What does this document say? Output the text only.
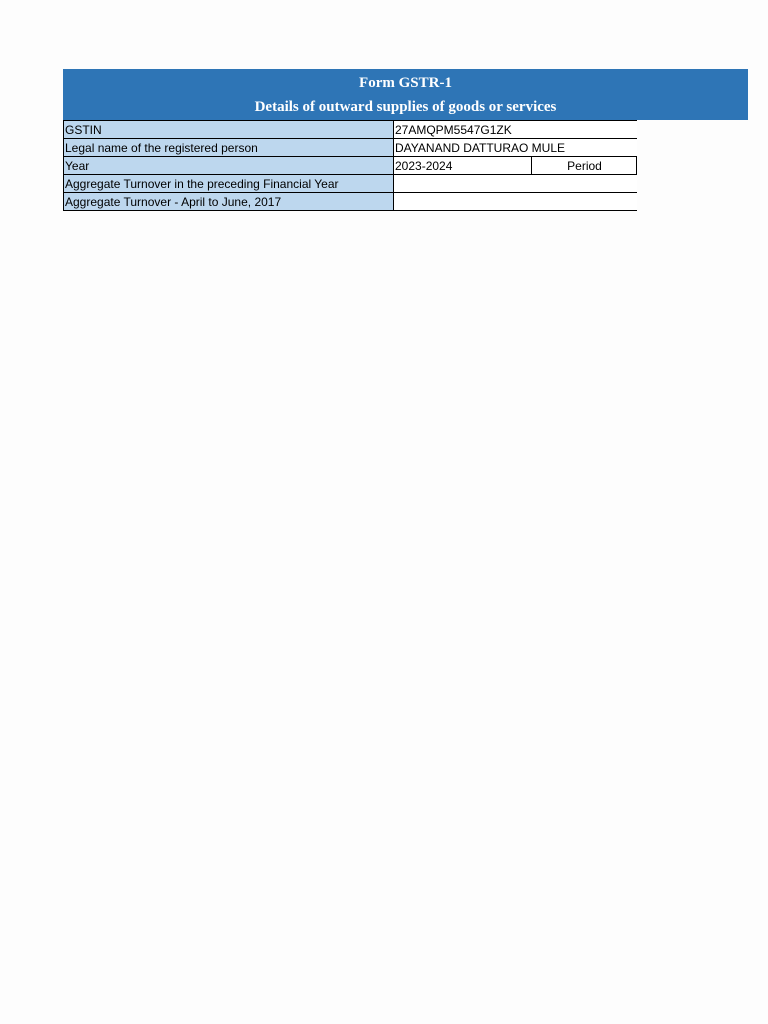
Form GSTR-1
Details of outward supplies of goods or services
GSTIN	27AMQPM5547G1ZK	
Legal name of the registered person	DAYANAND DATTURAO MULE	
Year	2023-2024	Period
Aggregate Turnover in the preceding Financial Year		
Aggregate Turnover - April to June, 2017		
